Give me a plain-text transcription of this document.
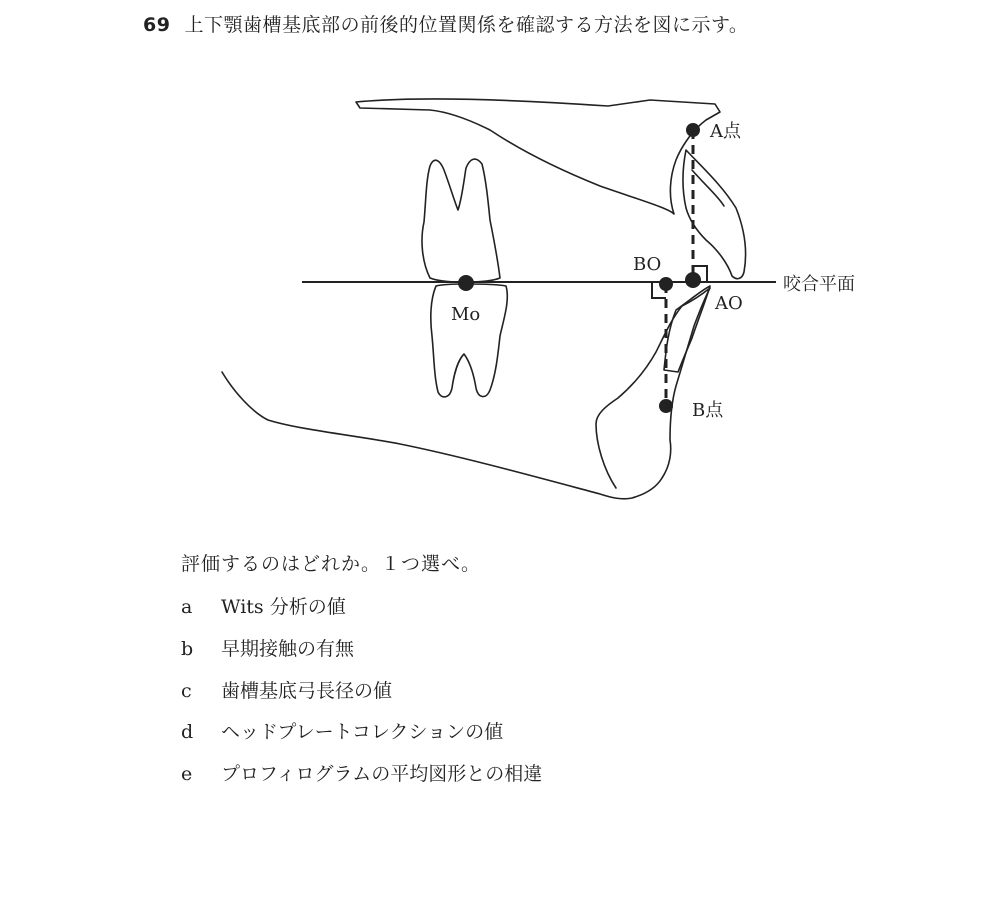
69 上下顎歯槽基底部の前後的位置関係を確認する方法を図に示す。
A点
BO
AO
咬合平面
Mo
B点
評価するのはどれか。１つ選べ。
a Wits 分析の値
b 早期接触の有無
c 歯槽基底弓長径の値
d ヘッドプレートコレクションの値
e プロフィログラムの平均図形との相違
